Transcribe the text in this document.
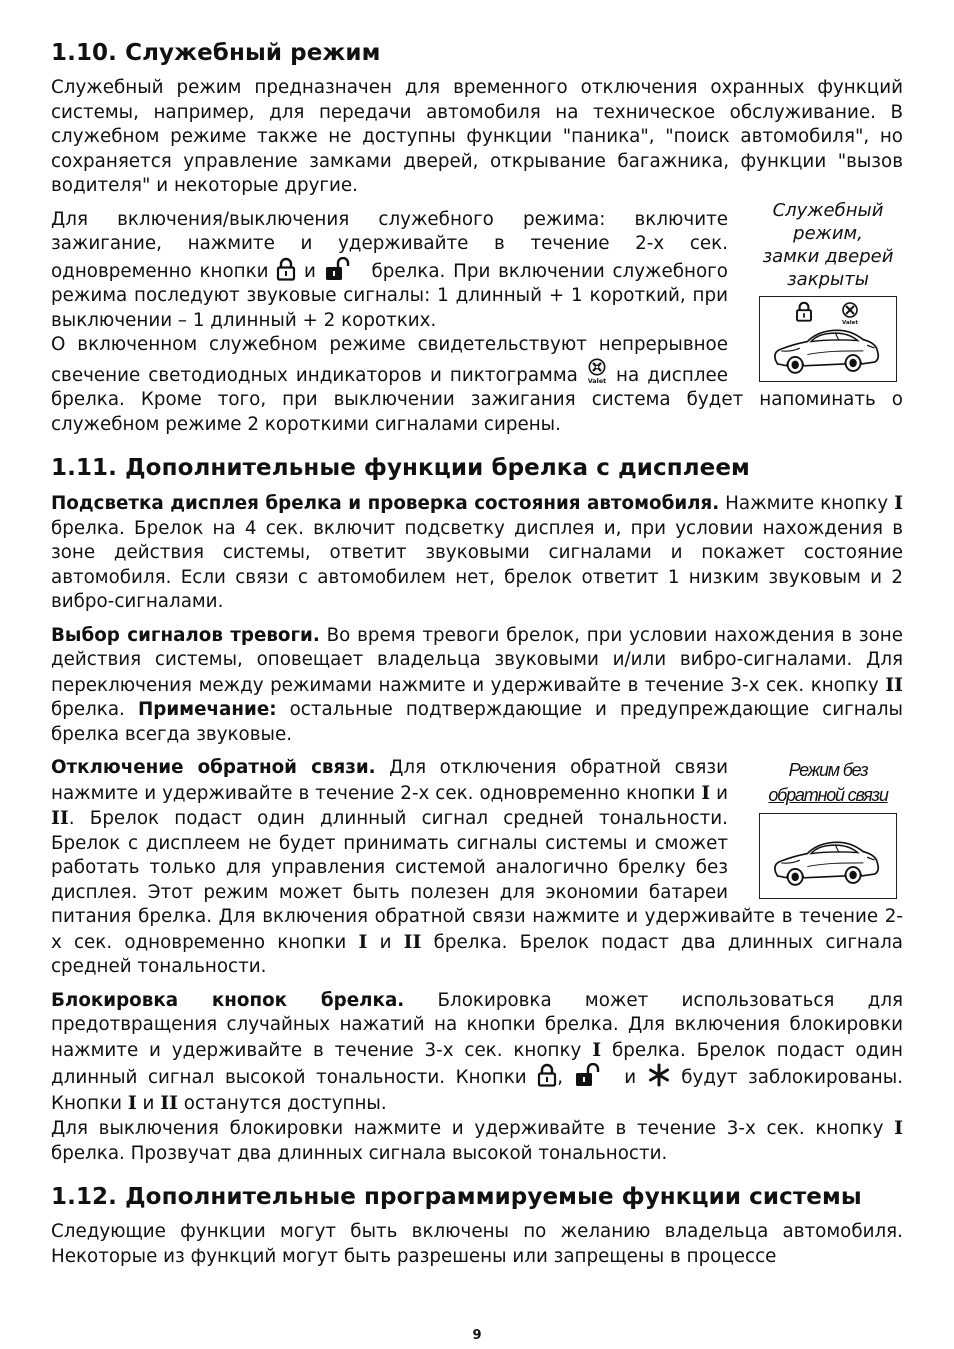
1.10. Служебный режим

Служебный режим предназначен для временного отключения охранных функций системы, например, для передачи автомобиля на техническое обслуживание. В служебном режиме также не доступны функции "паника", "поиск автомобиля", но сохраняется управление замками дверей, открывание багажника, функции "вызов водителя" и некоторые другие.

Служебный
режим,
замки дверей
закрыты
Valet

Для включения/выключения служебного режима: включите зажигание, нажмите и удерживайте в течение 2-х сек. одновременно кнопки  и  брелка. При включении служебного режима последуют звуковые сигналы: 1 длинный + 1 короткий, при выключении – 1 длинный + 2 коротких.

О включенном служебном режиме свидетельствуют непрерывное свечение светодиодных индикаторов и пиктограмма  на дисплее брелка. Кроме того, при выключении зажигания система будет напоминать о служебном режиме 2 короткими сигналами сирены.

1.11. Дополнительные функции брелка с дисплеем

Подсветка дисплея брелка и проверка состояния автомобиля. Нажмите кнопку I брелка. Брелок на 4 сек. включит подсветку дисплея и, при условии нахождения в зоне действия системы, ответит звуковыми сигналами и покажет состояние автомобиля. Если связи с автомобилем нет, брелок ответит 1 низким звуковым и 2 вибро-сигналами.

Выбор сигналов тревоги. Во время тревоги брелок, при условии нахождения в зоне действия системы, оповещает владельца звуковыми и/или вибро-сигналами. Для переключения между режимами нажмите и удерживайте в течение 3-х сек. кнопку II брелка. Примечание: остальные подтверждающие и предупреждающие сигналы брелка всегда звуковые.

Режим без
обратной связи

Отключение обратной связи. Для отключения обратной связи нажмите и удерживайте в течение 2-х сек. одновременно кнопки I и II. Брелок подаст один длинный сигнал средней тональности. Брелок с дисплеем не будет принимать сигналы системы и сможет работать только для управления системой аналогично брелку без дисплея. Этот режим может быть полезен для экономии батареи питания брелка. Для включения обратной связи нажмите и удерживайте в течение 2-х сек. одновременно кнопки I и II брелка. Брелок подаст два длинных сигнала средней тональности.

Блокировка кнопок брелка. Блокировка может использоваться для предотвращения случайных нажатий на кнопки брелка. Для включения блокировки нажмите и удерживайте в течение 3-х сек. кнопку I брелка. Брелок подаст один длинный сигнал высокой тональности. Кнопки ,  и  будут заблокированы. Кнопки I и II останутся доступны.

Для выключения блокировки нажмите и удерживайте в течение 3-х сек. кнопку I брелка. Прозвучат два длинных сигнала высокой тональности.

1.12. Дополнительные программируемые функции системы

Следующие функции могут быть включены по желанию владельца автомобиля. Некоторые из функций могут быть разрешены или запрещены в процессе

9
